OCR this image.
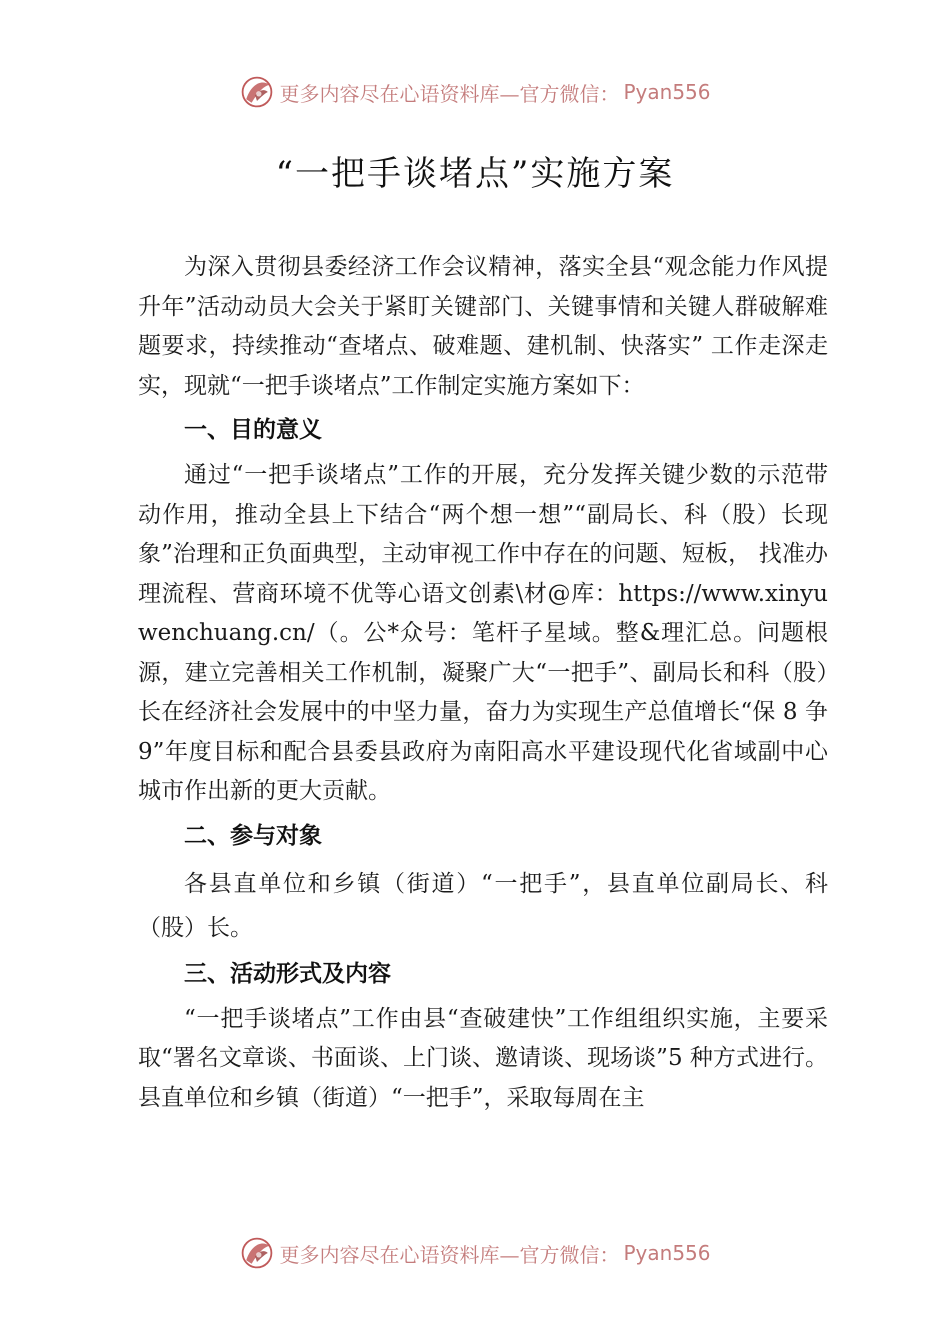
更多内容尽在心语资料库—官方微信： Pyan556
“一把手谈堵点”实施方案

为深入贯彻县委经济工作会议精神，落实全县“观念能力作风提升年”活动动员大会关于紧盯关键部门、关键事情和关键人群破解难题要求，持续推动“查堵点、破难题、建机制、快落实” 工作走深走实，现就“一把手谈堵点”工作制定实施方案如下：

一、目的意义

通过“一把手谈堵点”工作的开展，充分发挥关键少数的示范带动作用，推动全县上下结合“两个想一想”“副局长、科（股）长现象”治理和正负面典型，主动审视工作中存在的问题、短板， 找准办理流程、营商环境不优等心语文创素\材@库：https://www.xinyuwenchuang.cn/（。公*众号：笔杆子星域。整&理汇总。问题根源，建立完善相关工作机制，凝聚广大“一把手”、副局长和科（股）长在经济社会发展中的中坚力量，奋力为实现生产总值增长“保 8 争 9”年度目标和配合县委县政府为南阳高水平建设现代化省域副中心城市作出新的更大贡献。

二、参与对象

各县直单位和乡镇（街道）“一把手”，县直单位副局长、科（股）长。

三、活动形式及内容

“一把手谈堵点”工作由县“查破建快”工作组组织实施，主要采取“署名文章谈、书面谈、上门谈、邀请谈、现场谈”5 种方式进行。县直单位和乡镇（街道）“一把手”，采取每周在主

更多内容尽在心语资料库—官方微信： Pyan556
